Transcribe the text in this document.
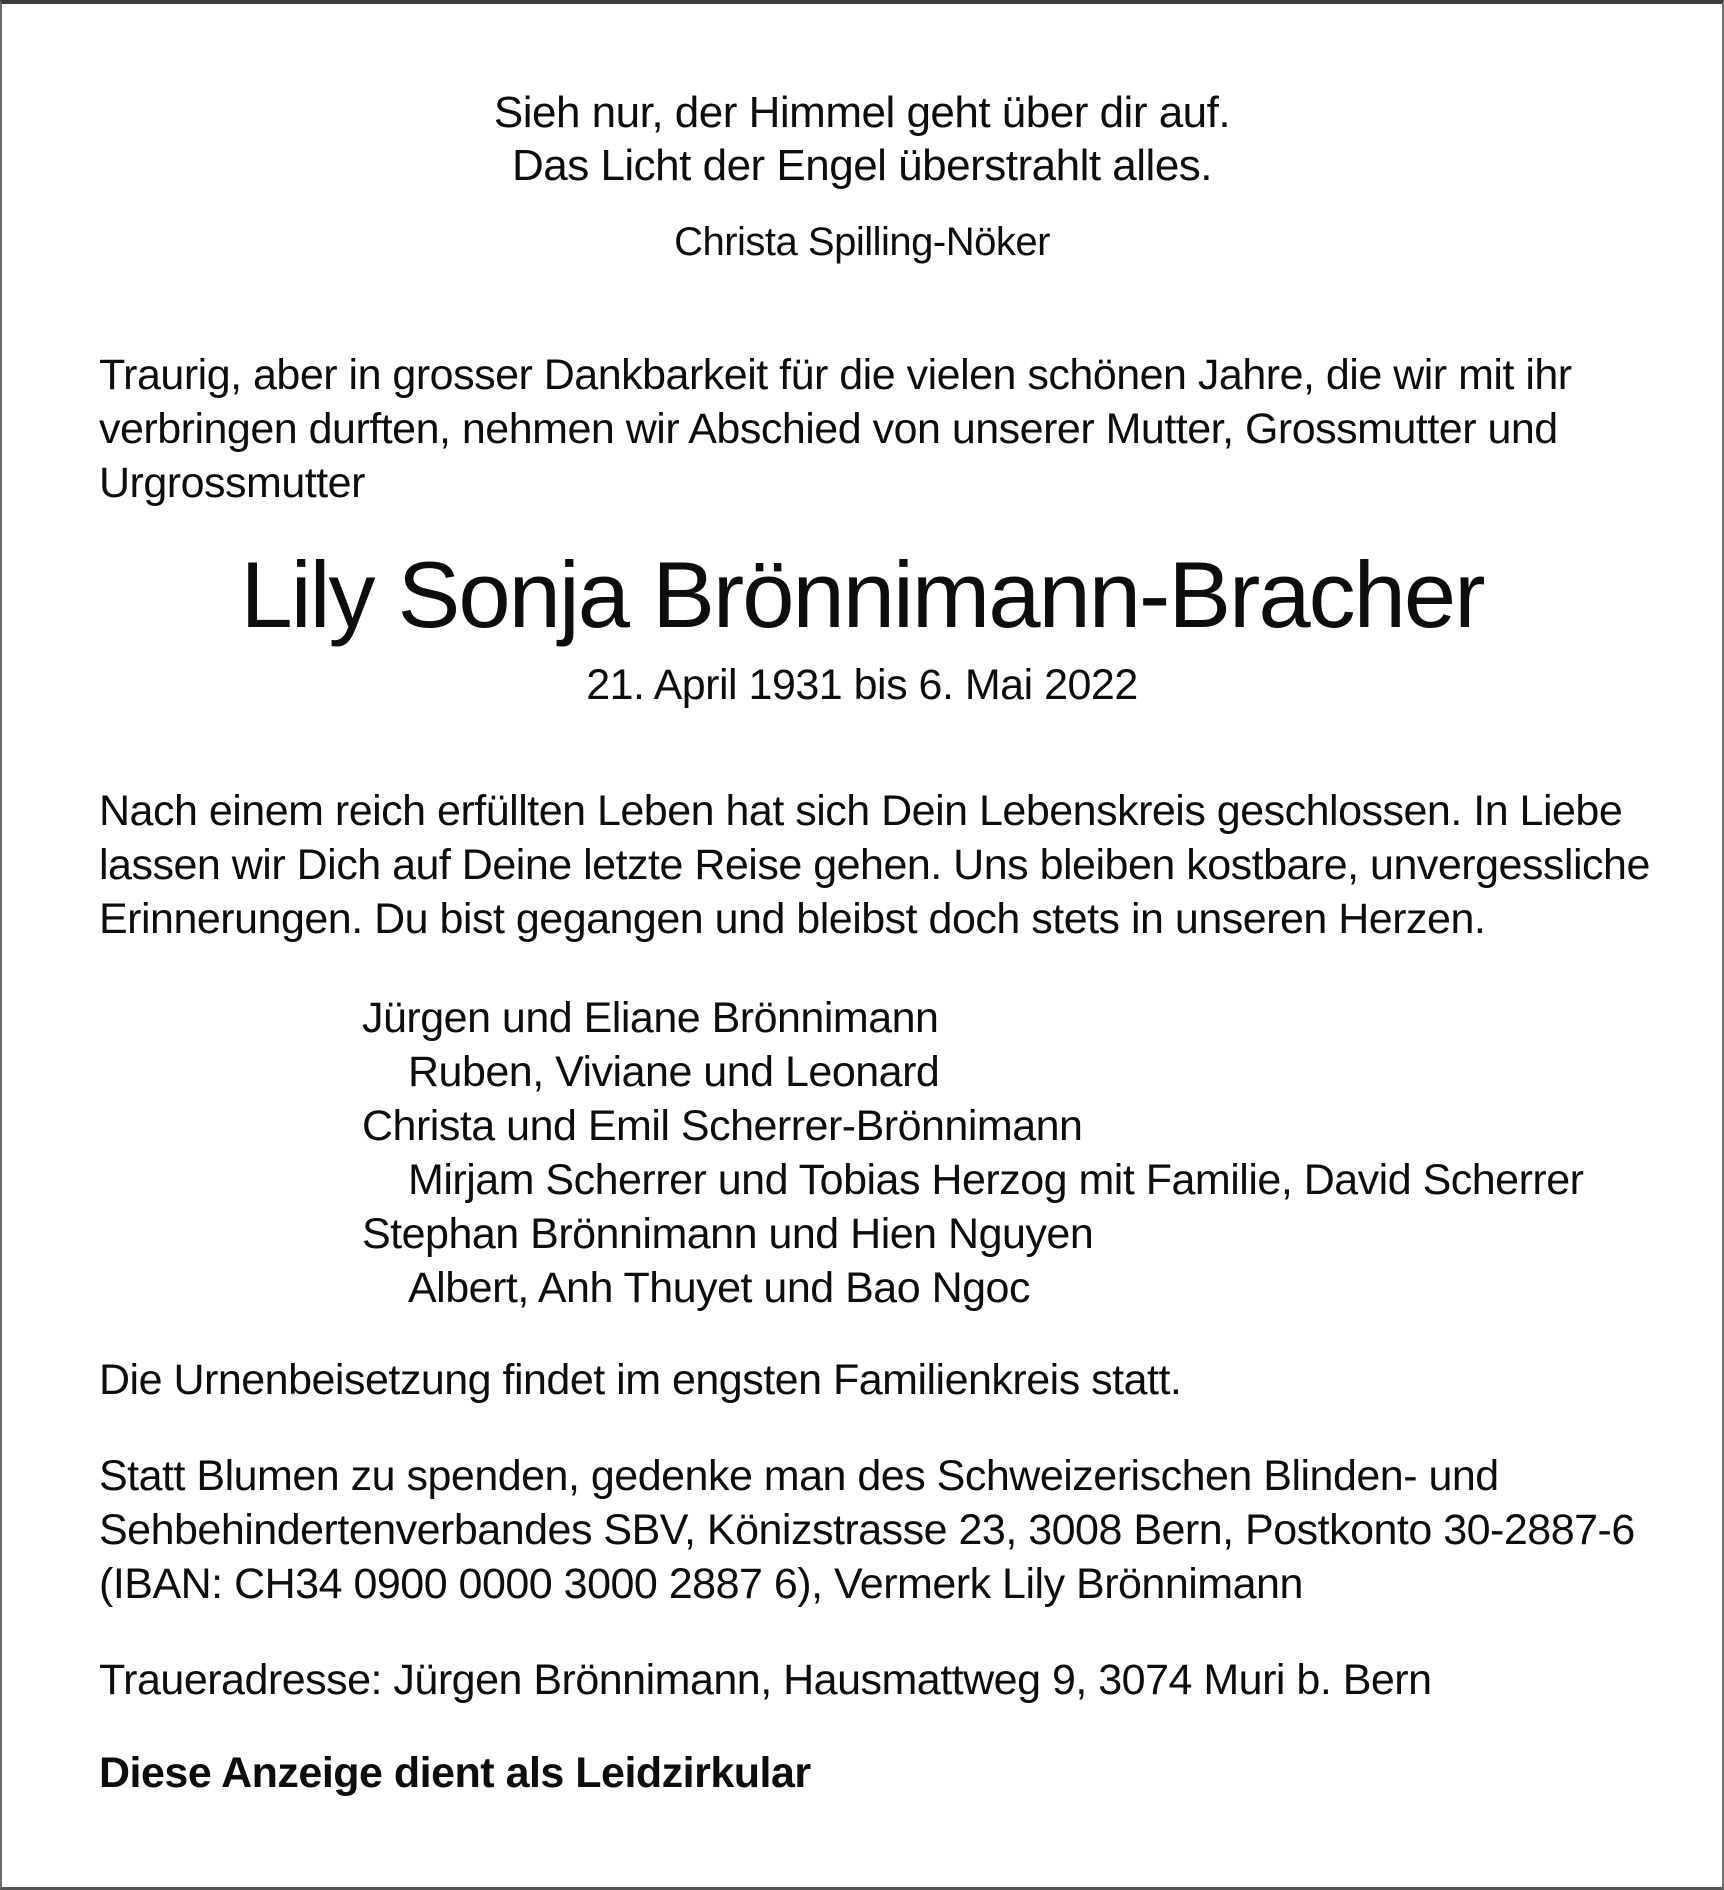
Sieh nur, der Himmel geht über dir auf.
Das Licht der Engel überstrahlt alles.
Christa Spilling-Nöker
Traurig, aber in grosser Dankbarkeit für die vielen schönen Jahre, die wir mit ihr
verbringen durften, nehmen wir Abschied von unserer Mutter, Grossmutter und
Urgrossmutter
Lily Sonja Brönnimann-Bracher
21. April 1931 bis 6. Mai 2022
Nach einem reich erfüllten Leben hat sich Dein Lebenskreis geschlossen. In Liebe
lassen wir Dich auf Deine letzte Reise gehen. Uns bleiben kostbare, unvergessliche
Erinnerungen. Du bist gegangen und bleibst doch stets in unseren Herzen.
Jürgen und Eliane Brönnimann
Ruben, Viviane und Leonard
Christa und Emil Scherrer-Brönnimann
Mirjam Scherrer und Tobias Herzog mit Familie, David Scherrer
Stephan Brönnimann und Hien Nguyen
Albert, Anh Thuyet und Bao Ngoc
Die Urnenbeisetzung findet im engsten Familienkreis statt.
Statt Blumen zu spenden, gedenke man des Schweizerischen Blinden- und
Sehbehindertenverbandes SBV, Könizstrasse 23, 3008 Bern, Postkonto 30-2887-6
(IBAN: CH34 0900 0000 3000 2887 6), Vermerk Lily Brönnimann
Traueradresse: Jürgen Brönnimann, Hausmattweg 9, 3074 Muri b. Bern
Diese Anzeige dient als Leidzirkular
